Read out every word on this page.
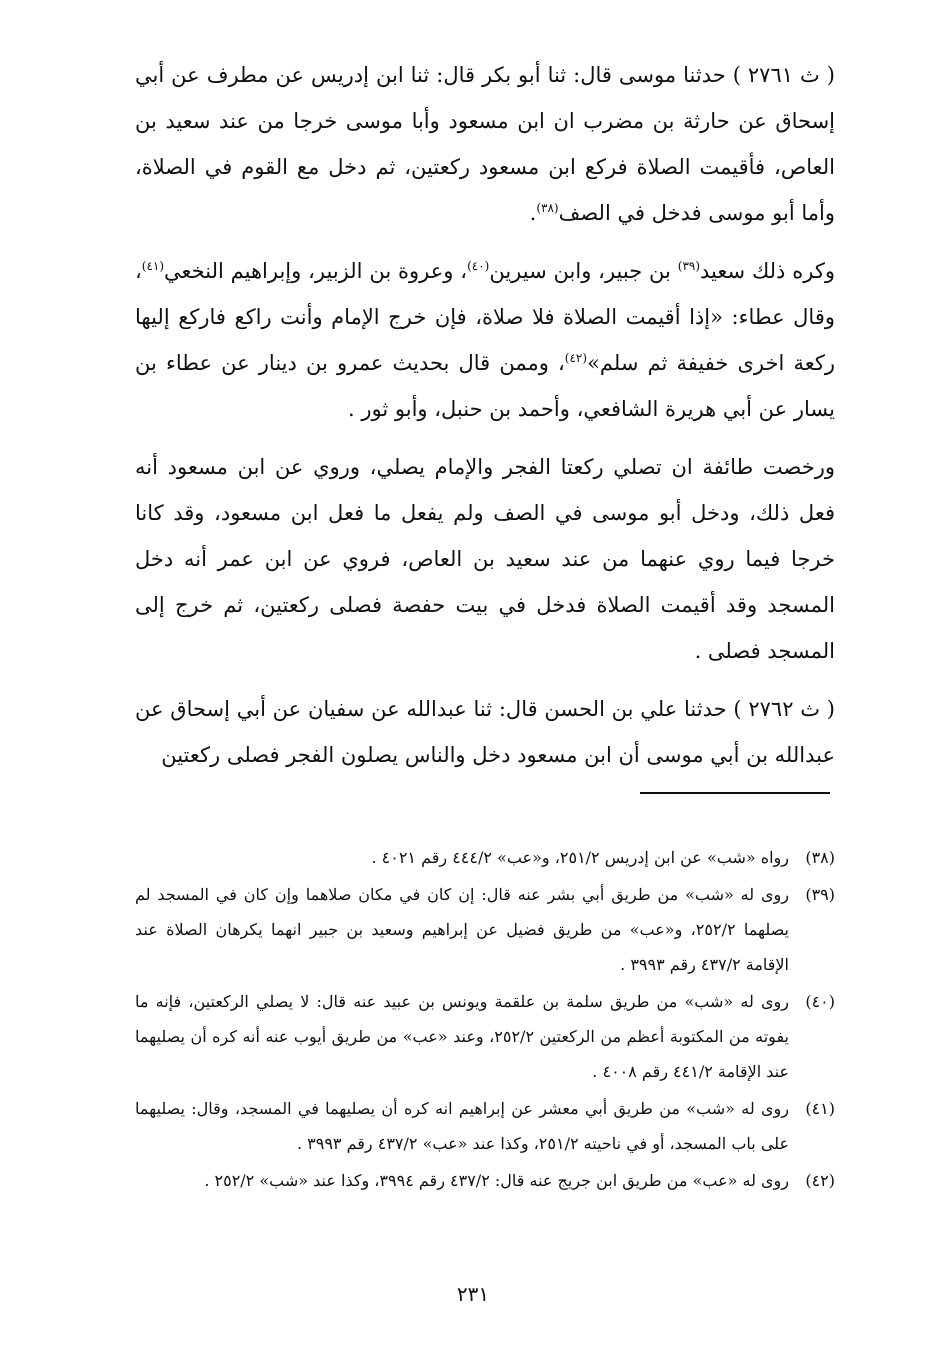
( ث ٢٧٦١ ) حدثنا موسى قال: ثنا أبو بكر قال: ثنا ابن إدريس عن مطرف عن أبي إسحاق عن حارثة بن مضرب ان ابن مسعود وأبا موسى خرجا من عند سعيد بن العاص، فأقيمت الصلاة فركع ابن مسعود ركعتين، ثم دخل مع القوم في الصلاة، وأما أبو موسى فدخل في الصف$^{(٣٨)}$.

وكره ذلك سعيد$^{(٣٩)}$ بن جبير، وابن سيرين$^{(٤٠)}$، وعروة بن الزبير، وإبراهيم النخعي$^{(٤١)}$، وقال عطاء: «إذا أقيمت الصلاة فلا صلاة، فإن خرج الإمام وأنت راكع فاركع إليها ركعة اخرى خفيفة ثم سلم»$^{(٤٢)}$، وممن قال بحديث عمرو بن دينار عن عطاء بن يسار عن أبي هريرة الشافعي، وأحمد بن حنبل، وأبو ثور .

ورخصت طائفة ان تصلي ركعتا الفجر والإمام يصلي، وروي عن ابن مسعود أنه فعل ذلك، ودخل أبو موسى في الصف ولم يفعل ما فعل ابن مسعود، وقد كانا خرجا فيما روي عنهما من عند سعيد بن العاص، فروي عن ابن عمر أنه دخل المسجد وقد أقيمت الصلاة فدخل في بيت حفصة فصلى ركعتين، ثم خرج إلى المسجد فصلى .

( ث ٢٧٦٢ ) حدثنا علي بن الحسن قال: ثنا عبدالله عن سفيان عن أبي إسحاق عن عبدالله بن أبي موسى أن ابن مسعود دخل والناس يصلون الفجر فصلى ركعتين

(٣٨)
رواه «شب» عن ابن إدريس ٢٥١/٢، و«عب» ٤٤٤/٢ رقم ٤٠٢١ .
(٣٩)
روى له «شب» من طريق أبي بشر عنه قال: إن كان في مكان صلاهما وإن كان في المسجد لم يصلهما ٢٥٢/٢، و«عب» من طريق فضيل عن إبراهيم وسعيد بن جبير انهما يكرهان الصلاة عند الإقامة ٤٣٧/٢ رقم ٣٩٩٣ .
(٤٠)
روى له «شب» من طريق سلمة بن علقمة ويونس بن عبيد عنه قال: لا يصلي الركعتين، فإنه ما يفوته من المكتوبة أعظم من الركعتين ٢٥٢/٢، وعند «عب» من طريق أيوب عنه أنه كره أن يصليهما عند الإقامة ٤٤١/٢ رقم ٤٠٠٨ .
(٤١)
روى له «شب» من طريق أبي معشر عن إبراهيم انه كره أن يصليهما في المسجد، وقال: يصليهما على باب المسجد، أو في ناحيته ٢٥١/٢، وكذا عند «عب» ٤٣٧/٢ رقم ٣٩٩٣ .
(٤٢)
روى له «عب» من طريق ابن جريج عنه قال: ٤٣٧/٢ رقم ٣٩٩٤، وكذا عند «شب» ٢٥٢/٢ .
٢٣١
